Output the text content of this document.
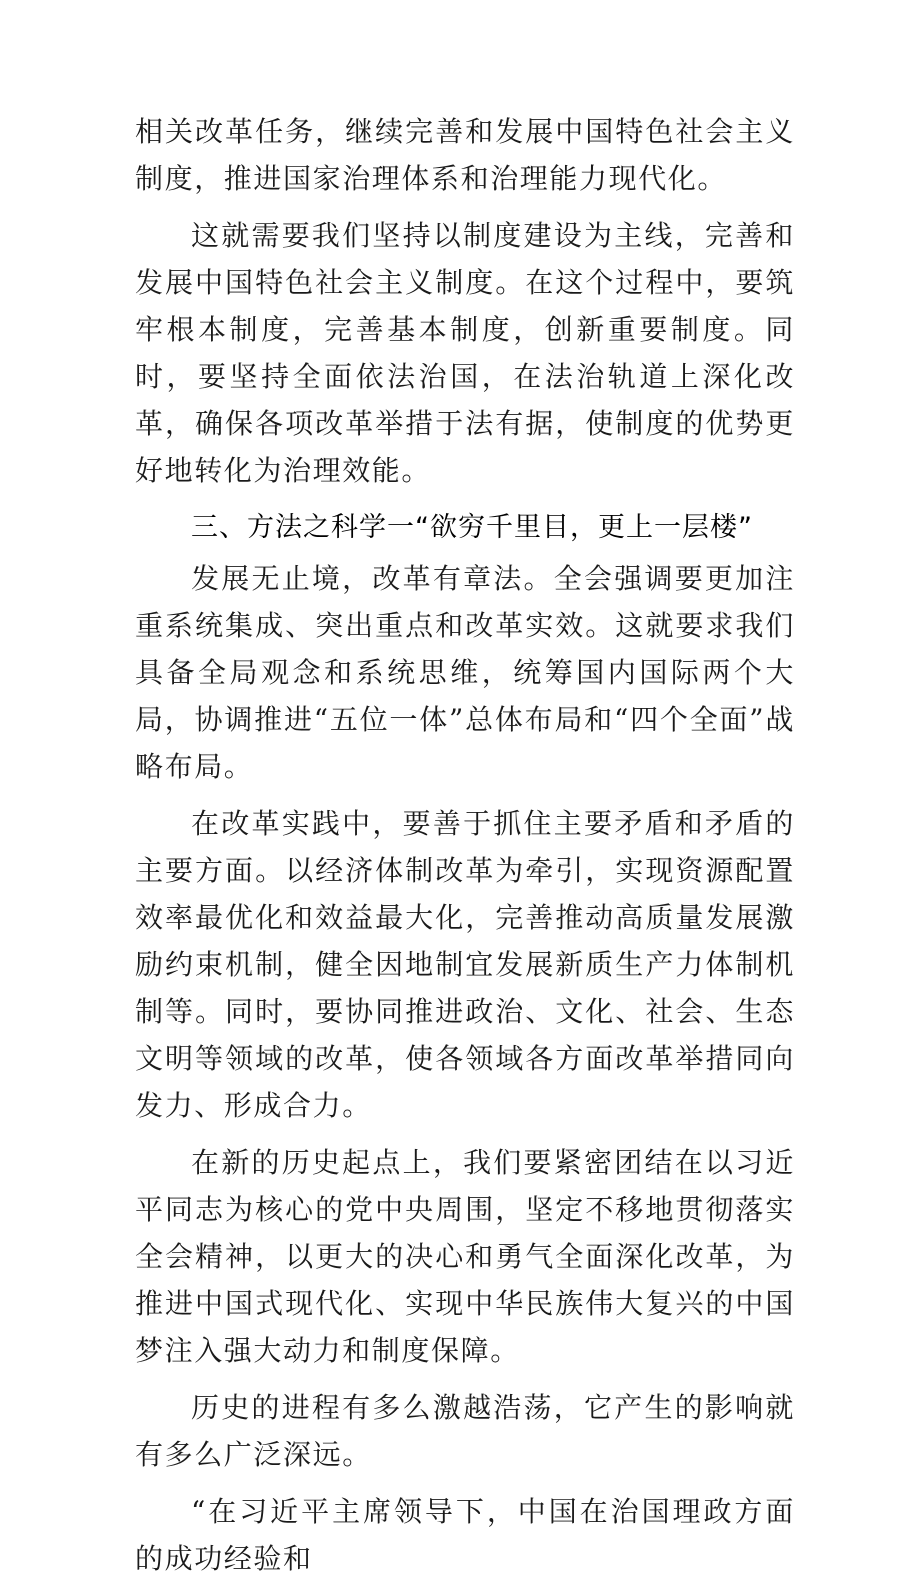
相关改革任务，继续完善和发展中国特色社会主义制度，推进国家治理体系和治理能力现代化。

这就需要我们坚持以制度建设为主线，完善和发展中国特色社会主义制度。在这个过程中，要筑牢根本制度，完善基本制度，创新重要制度。同时，要坚持全面依法治国，在法治轨道上深化改革，确保各项改革举措于法有据，使制度的优势更好地转化为治理效能。

三、方法之科学一“欲穷千里目，更上一层楼”

发展无止境，改革有章法。全会强调要更加注重系统集成、突出重点和改革实效。这就要求我们具备全局观念和系统思维，统筹国内国际两个大局，协调推进“五位一体”总体布局和“四个全面”战略布局。

在改革实践中，要善于抓住主要矛盾和矛盾的主要方面。以经济体制改革为牵引，实现资源配置效率最优化和效益最大化，完善推动高质量发展激励约束机制，健全因地制宜发展新质生产力体制机制等。同时，要协同推进政治、文化、社会、生态文明等领域的改革，使各领域各方面改革举措同向发力、形成合力。

在新的历史起点上，我们要紧密团结在以习近平同志为核心的党中央周围，坚定不移地贯彻落实全会精神，以更大的决心和勇气全面深化改革，为推进中国式现代化、实现中华民族伟大复兴的中国梦注入强大动力和制度保障。

历史的进程有多么激越浩荡，它产生的影响就有多么广泛深远。

“在习近平主席领导下，中国在治国理政方面的成功经验和
